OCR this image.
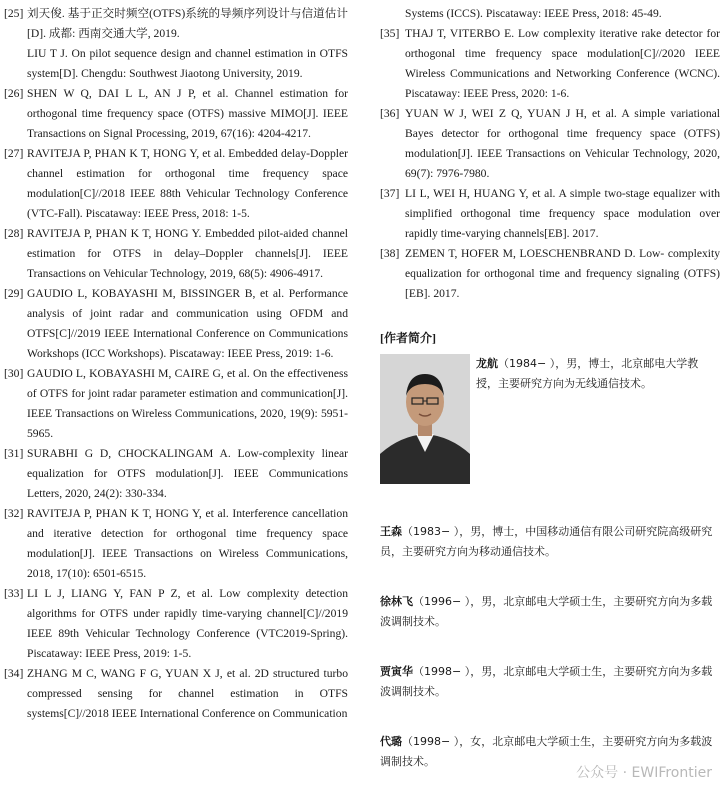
[25] 刘天俊. 基于正交时频空(OTFS)系统的导频序列设计与信道估计[D]. 成都: 西南交通大学, 2019.
LIU T J. On pilot sequence design and channel estimation in OTFS system[D]. Chengdu: Southwest Jiaotong University, 2019.
[26] SHEN W Q, DAI L L, AN J P, et al. Channel estimation for orthogonal time frequency space (OTFS) massive MIMO[J]. IEEE Transactions on Signal Processing, 2019, 67(16): 4204-4217.
[27] RAVITEJA P, PHAN K T, HONG Y, et al. Embedded delay-Doppler channel estimation for orthogonal time frequency space modulation[C]//2018 IEEE 88th Vehicular Technology Conference (VTC-Fall). Piscataway: IEEE Press, 2018: 1-5.
[28] RAVITEJA P, PHAN K T, HONG Y. Embedded pilot-aided channel estimation for OTFS in delay–Doppler channels[J]. IEEE Transactions on Vehicular Technology, 2019, 68(5): 4906-4917.
[29] GAUDIO L, KOBAYASHI M, BISSINGER B, et al. Performance analysis of joint radar and communication using OFDM and OTFS[C]//2019 IEEE International Conference on Communications Workshops (ICC Workshops). Piscataway: IEEE Press, 2019: 1-6.
[30] GAUDIO L, KOBAYASHI M, CAIRE G, et al. On the effectiveness of OTFS for joint radar parameter estimation and communication[J]. IEEE Transactions on Wireless Communications, 2020, 19(9): 5951-5965.
[31] SURABHI G D, CHOCKALINGAM A. Low-complexity linear equalization for OTFS modulation[J]. IEEE Communications Letters, 2020, 24(2): 330-334.
[32] RAVITEJA P, PHAN K T, HONG Y, et al. Interference cancellation and iterative detection for orthogonal time frequency space modulation[J]. IEEE Transactions on Wireless Communications, 2018, 17(10): 6501-6515.
[33] LI L J, LIANG Y, FAN P Z, et al. Low complexity detection algorithms for OTFS under rapidly time-varying channel[C]//2019 IEEE 89th Vehicular Technology Conference (VTC2019-Spring). Piscataway: IEEE Press, 2019: 1-5.
[34] ZHANG M C, WANG F G, YUAN X J, et al. 2D structured turbo compressed sensing for channel estimation in OTFS systems[C]//2018 IEEE International Conference on Communication
Systems (ICCS). Piscataway: IEEE Press, 2018: 45-49.
[35] THAJ T, VITERBO E. Low complexity iterative rake detector for orthogonal time frequency space modulation[C]//2020 IEEE Wireless Communications and Networking Conference (WCNC). Piscataway: IEEE Press, 2020: 1-6.
[36] YUAN W J, WEI Z Q, YUAN J H, et al. A simple variational Bayes detector for orthogonal time frequency space (OTFS) modulation[J]. IEEE Transactions on Vehicular Technology, 2020, 69(7): 7976-7980.
[37] LI L, WEI H, HUANG Y, et al. A simple two-stage equalizer with simplified orthogonal time frequency space modulation over rapidly time-varying channels[EB]. 2017.
[38] ZEMEN T, HOFER M, LOESCHENBRAND D. Low- complexity equalization for orthogonal time and frequency signaling (OTFS)[EB]. 2017.
[作者简介]
龙航（1984− ），男，博士，北京邮电大学教授，主要研究方向为无线通信技术。
王森（1983− ），男，博士，中国移动通信有限公司研究院高级研究员，主要研究方向为移动通信技术。
徐林飞（1996− ），男，北京邮电大学硕士生，主要研究方向为多载波调制技术。
贾寅华（1998− ），男，北京邮电大学硕士生，主要研究方向为多载波调制技术。
代璐（1998− ），女，北京邮电大学硕士生，主要研究方向为多载波调制技术。
公众号 · EWIFrontier
